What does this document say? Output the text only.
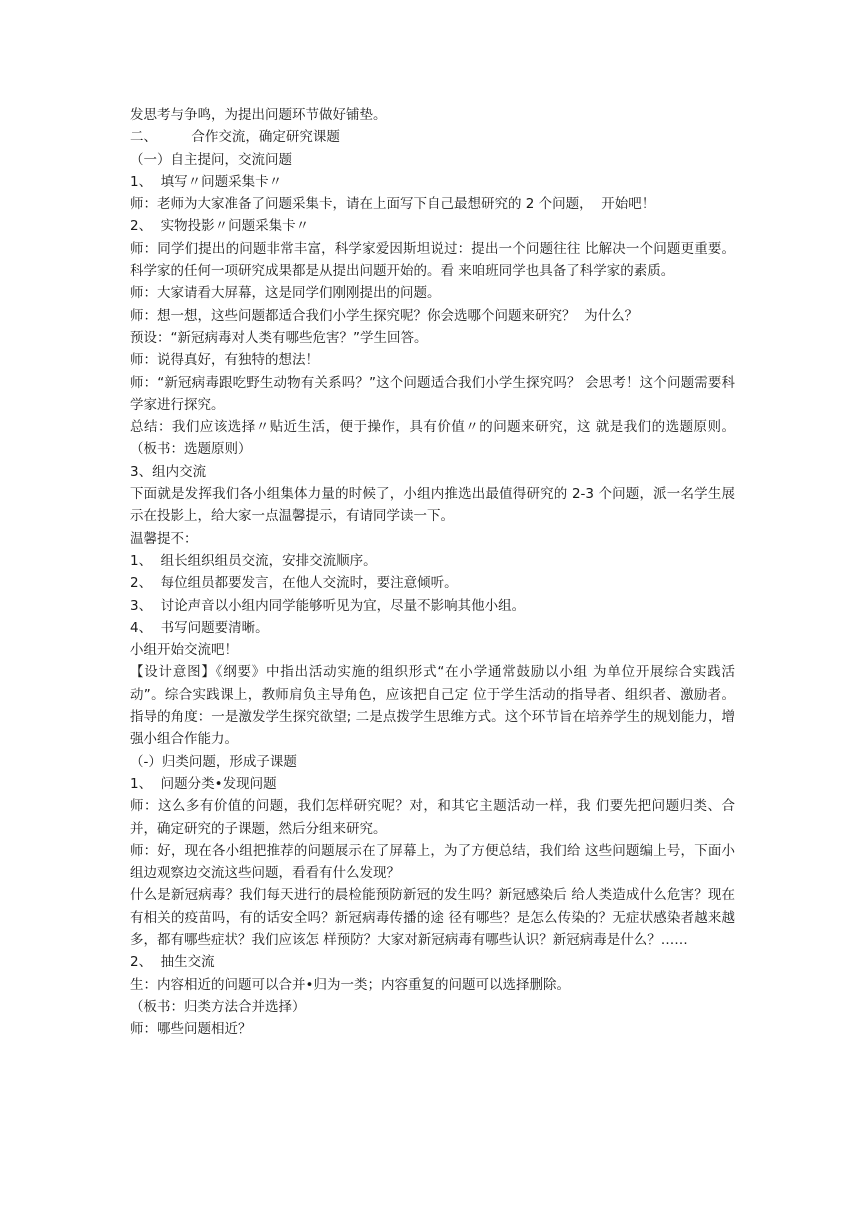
发思考与争鸣，为提出问题环节做好铺垫。
二、        合作交流，确定研究课题
（一）自主提问，交流问题
1、  填写〃问题采集卡〃
师：老师为大家准备了问题采集卡，请在上面写下自己最想研究的 2 个问题，  开始吧！
2、  实物投影〃问题采集卡〃
师：同学们提出的问题非常丰富，科学家爱因斯坦说过：提出一个问题往往 比解决一个问题更重要。科学家的任何一项研究成果都是从提出问题开始的。看 来咱班同学也具备了科学家的素质。
师：大家请看大屏幕，这是同学们刚刚提出的问题。
师：想一想，这些问题都适合我们小学生探究呢？你会选哪个问题来研究？  为什么？
预设：“新冠病毒对人类有哪些危害？”学生回答。
师：说得真好，有独特的想法！
师：“新冠病毒跟吃野生动物有关系吗？”这个问题适合我们小学生探究吗？ 会思考！这个问题需要科学家进行探究。
总结：我们应该选择〃贴近生活，便于操作，具有价值〃的问题来研究，这 就是我们的选题原则。（板书：选题原则）
3、组内交流
下面就是发挥我们各小组集体力量的时候了，小组内推选出最值得研究的 2-3 个问题，派一名学生展示在投影上，给大家一点温馨提示，有请同学读一下。
温馨提不：
1、  组长组织组员交流，安排交流顺序。
2、  每位组员都要发言，在他人交流时，要注意倾听。
3、  讨论声音以小组内同学能够听见为宜，尽量不影响其他小组。
4、  书写问题要清晰。
小组开始交流吧！
【设计意图】《纲要》中指出活动实施的组织形式“在小学通常鼓励以小组 为单位开展综合实践活动”。综合实践课上，教师肩负主导角色，应该把自己定 位于学生活动的指导者、组织者、激励者。指导的角度：一是激发学生探究欲望; 二是点拨学生思维方式。这个环节旨在培养学生的规划能力，增强小组合作能力。
（-）归类问题，形成子课题
1、  问题分类•发现问题
师：这么多有价值的问题，我们怎样研究呢？对，和其它主题活动一样，我 们要先把问题归类、合并，确定研究的子课题，然后分组来研究。
师：好，现在各小组把推荐的问题展示在了屏幕上，为了方便总结，我们给 这些问题编上号，下面小组边观察边交流这些问题，看看有什么发现？
什么是新冠病毒？我们每天进行的晨检能预防新冠的发生吗？新冠感染后 给人类造成什么危害？现在有相关的疫苗吗，有的话安全吗？新冠病毒传播的途 径有哪些？是怎么传染的？无症状感染者越来越多，都有哪些症状？我们应该怎 样预防？大家对新冠病毒有哪些认识？新冠病毒是什么？……
2、  抽生交流
生：内容相近的问题可以合并•归为一类；内容重复的问题可以选择删除。
（板书：归类方法合并选择）
师：哪些问题相近？
